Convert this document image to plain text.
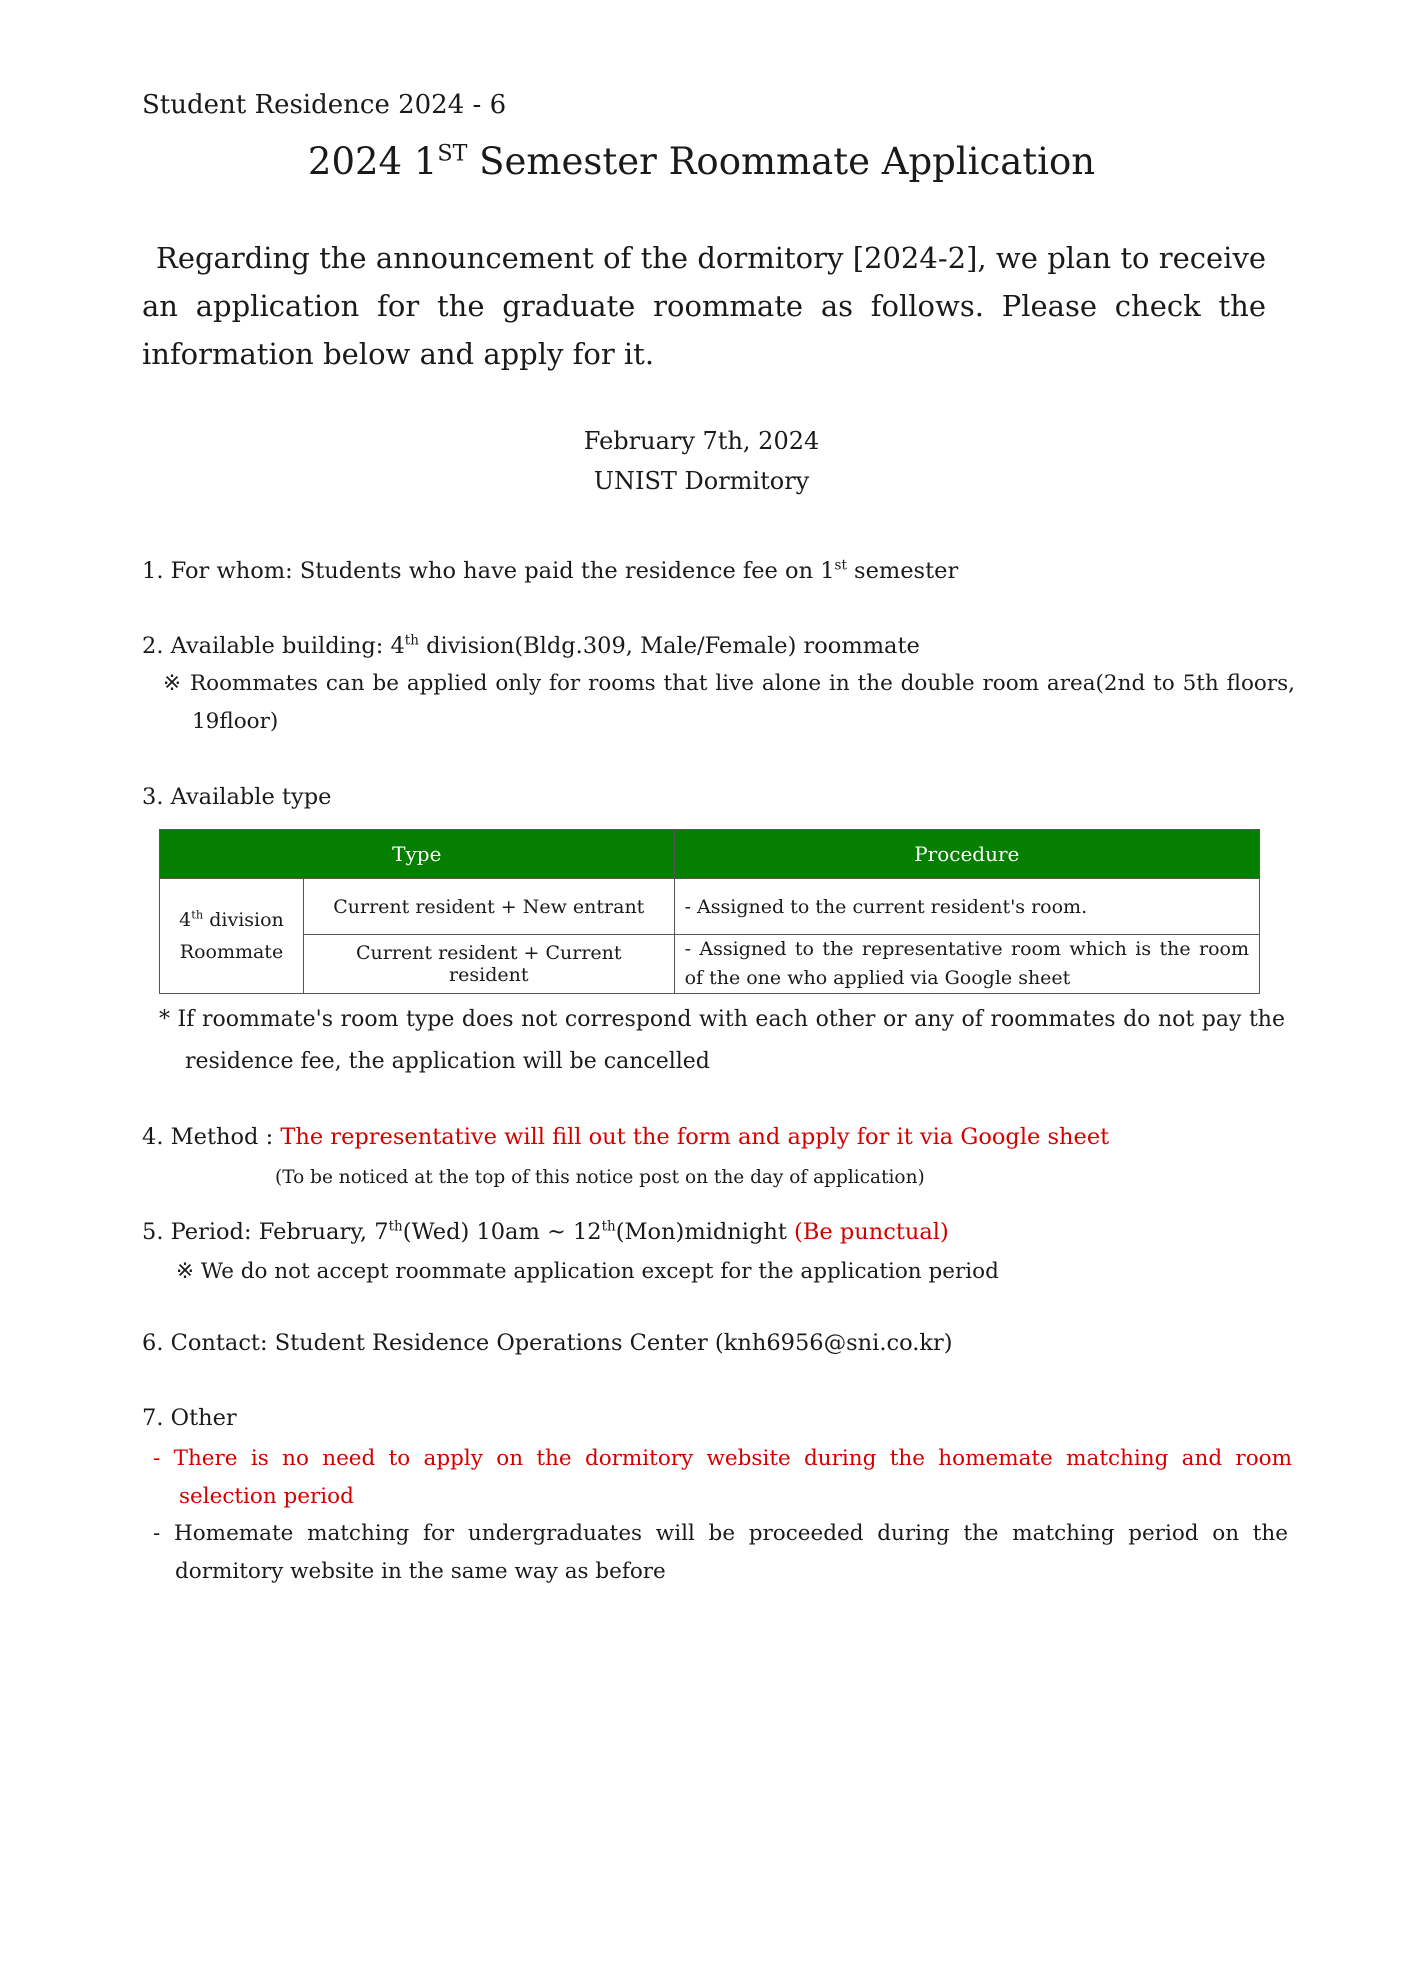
Student Residence 2024 - 6
2024 1ST Semester Roommate Application
Regarding the announcement of the dormitory [2024-2], we plan to receive an application for the graduate roommate as follows. Please check the information below and apply for it.
February 7th, 2024
UNIST Dormitory
1. For whom: Students who have paid the residence fee on 1st semester
2. Available building: 4th division(Bldg.309, Male/Female) roommate
※ Roommates can be applied only for rooms that live alone in the double room area(2nd to 5th floors, 19floor)
3. Available type
Type		Procedure
4th division
Roommate	Current resident + New entrant	- Assigned to the current resident's room.
	Current resident + Current resident	- Assigned to the representative room which is the room of the one who applied via Google sheet
* If roommate's room type does not correspond with each other or any of roommates do not pay the residence fee, the application will be cancelled
4. Method : The representative will fill out the form and apply for it via Google sheet
(To be noticed at the top of this notice post on the day of application)
5. Period: February, 7th(Wed) 10am ~ 12th(Mon)midnight (Be punctual)
※ We do not accept roommate application except for the application period
6. Contact: Student Residence Operations Center (knh6956@sni.co.kr)
7. Other
- There is no need to apply on the dormitory website during the homemate matching and room selection period
- Homemate matching for undergraduates will be proceeded during the matching period on the dormitory website in the same way as before
